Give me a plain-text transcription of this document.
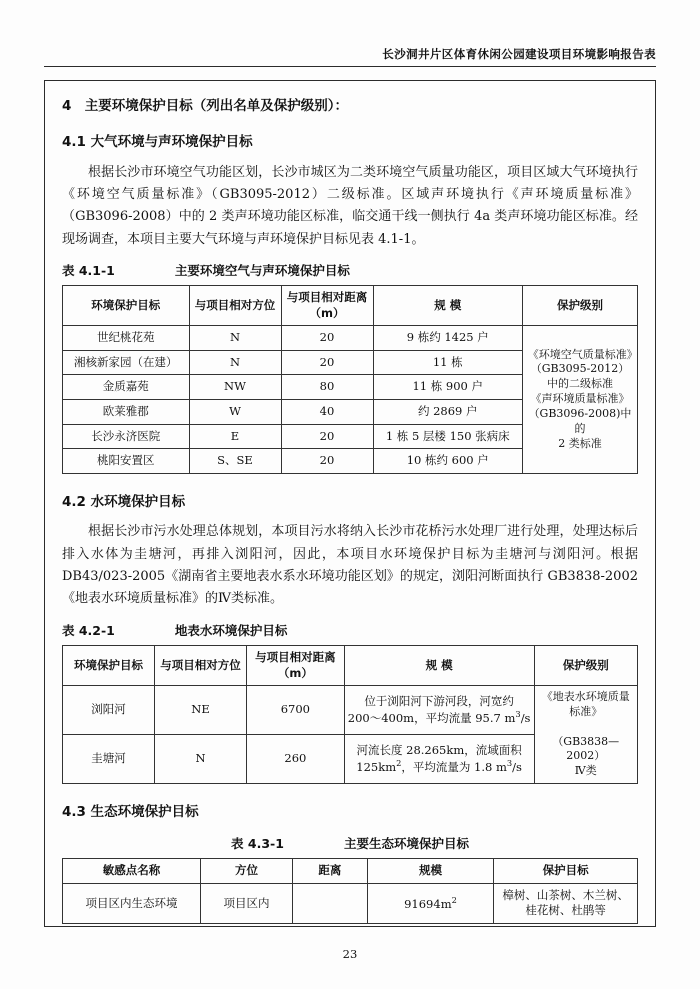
长沙洞井片区体育休闲公园建设项目环境影响报告表
4 主要环境保护目标（列出名单及保护级别）：
4.1 大气环境与声环境保护目标

根据长沙市环境空气功能区划，长沙市城区为二类环境空气质量功能区，项目区域大气环境执行《环境空气质量标准》（GB3095-2012）二级标准。区域声环境执行《声环境质量标准》（GB3096-2008）中的 2 类声环境功能区标准，临交通干线一侧执行 4a 类声环境功能区标准。经现场调查，本项目主要大气环境与声环境保护目标见表 4.1-1。

表 4.1-1	主要环境空气与声环境保护目标
环境保护目标	与项目相对方位	与项目相对距离（m）	规 模	保护级别
世纪桃花苑	N	20	9 栋约 1425 户	《环境空气质量标准》（GB3095-2012）中的二级标准
《声环境质量标准》（GB3096-2008)中的
2 类标准
湘核新家园（在建）	N	20	11 栋	
金质嘉苑	NW	80	11 栋 900 户	
欧莱雅郡	W	40	约 2869 户	
长沙永济医院	E	20	1 栋 5 层楼 150 张病床	
桃阳安置区	S、SE	20	10 栋约 600 户	
4.2 水环境保护目标

根据长沙市污水处理总体规划，本项目污水将纳入长沙市花桥污水处理厂进行处理，处理达标后排入水体为圭塘河，再排入浏阳河，因此，本项目水环境保护目标为圭塘河与浏阳河。根据 DB43/023-2005《湖南省主要地表水系水环境功能区划》的规定，浏阳河断面执行 GB3838-2002《地表水环境质量标准》的Ⅳ类标准。

表 4.2-1	地表水环境保护目标
环境保护目标	与项目相对方位	与项目相对距离（m）	规 模	保护级别
浏阳河	NE	6700	位于浏阳河下游河段，河宽约
200～400m，平均流量 95.7 $m^3/s$	《地表水环境质量标准》

（GB3838—2002）
Ⅳ类
圭塘河	N	260	河流长度 28.265km，流域面积
$125km^2$，平均流量为 1.8 $m^3/s$	
4.3 生态环境保护目标
表 4.3-1	主要生态环境保护目标
敏感点名称	方位	距离	规模	保护目标
项目区内生态环境	项目区内		$91694m^2$	樟树、山茶树、木兰树、
桂花树、杜鹃等
23
